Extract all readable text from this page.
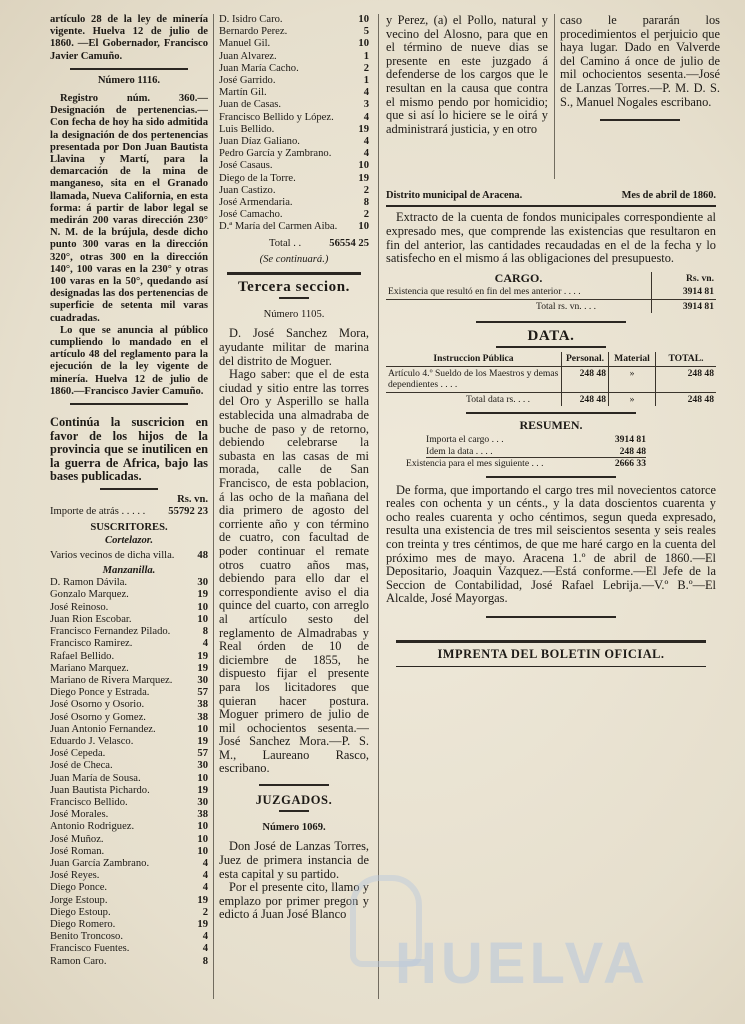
artículo 28 de la ley de minería vigente. Huelva 12 de julio de 1860. —El Gobernador, Francisco Javier Camuño.

Número 1116.

Registro núm. 360.—Designación de pertenencias.—Con fecha de hoy ha sido admitida la designación de dos pertenencias presentada por Don Juan Bautista Llavina y Martí, para la demarcación de la mina de manganeso, sita en el Granado llamada, Nueva California, en esta forma: á partir de labor legal se medirán 200 varas dirección 230° N. M. de la brújula, desde dicho punto 300 varas en la dirección 320°, otras 300 en la dirección 140°, 100 varas en la 230° y otras 100 varas en la 50°, quedando así designadas las dos pertenencias de superficie de setenta mil varas cuadradas.

Lo que se anuncia al público cumpliendo lo mandado en el artículo 48 del reglamento para la ejecución de la ley vigente de minería. Huelva 12 de julio de 1860.—Francisco Javier Camuño.

Continúa la suscricion en favor de los hijos de la provincia que se inutilicen en la guerra de Africa, bajo las bases publicadas.

Rs. vn.
Importe de atrás . . . . . 55792 23

SUSCRITORES.

Cortelazor.

Varios vecinos de dicha villa. 48

Manzanilla.

D. Ramon Dávila.	30
Gonzalo Marquez.	19
José Reinoso.	10
Juan Rion Escobar.	10
Francisco Fernandez Pilado.	8
Francisco Ramirez.	4
Rafael Bellido.	19
Mariano Marquez.	19
Mariano de Rivera Marquez. 30
Diego Ponce y Estrada.	57
José Osorno y Osorio.	38
José Osorno y Gomez.	38
Juan Antonio Fernandez.	10
Eduardo J. Velasco.	19
José Cepeda.	57
José de Checa.	30
Juan María de Sousa.	10
Juan Bautista Pichardo.	19
Francisco Bellido.	30
José Morales.	38
Antonio Rodriguez.	10
José Muñoz.	10
José Roman.	10
Juan García Zambrano.	4
José Reyes.	4
Diego Ponce.	4
Jorge Estoup.	19
Diego Estoup.	2
Diego Romero.	19
Benito Troncoso.	4
Francisco Fuentes.	4
Ramon Caro.	8
D. Isidro Caro.	10
Bernardo Perez.	5
Manuel Gil.	10
Juan Alvarez.	1
Juan María Cacho.	2
José Garrido.	1
Martín Gil.	4
Juan de Casas.	3
Francisco Bellido y López.	4
Luis Bellido.	19
Juan Díaz Galiano.	4
Pedro García y Zambrano.	4
José Casaus.	10
Diego de la Torre.	19
Juan Castizo.	2
José Armendaria.	8
José Camacho.	2
D.ª María del Carmen Aiba. 10
Total . .	56554 25

(Se continuará.)

Tercera seccion.

Número 1105.

D. José Sanchez Mora, ayudante militar de marina del distrito de Moguer.

Hago saber: que el de esta ciudad y sitio entre las torres del Oro y Asperillo se halla establecida una almadraba de buche de paso y de retorno, debiendo celebrarse la subasta en las casas de mi morada, calle de San Francisco, de esta poblacion, á las ocho de la mañana del dia primero de agosto del corriente año y con término de cuatro, con facultad de poder continuar el remate otros cuatro años mas, debiendo para ello dar el correspondiente aviso el dia quince del cuarto, con arreglo al artículo sesto del reglamento de Almadrabas y Real órden de 10 de diciembre de 1855, he dispuesto fijar el presente para los licitadores que quieran hacer postura. Moguer primero de julio de mil ochocientos sesenta.—José Sanchez Mora.—P. S. M., Laureano Rasco, escribano.

JUZGADOS.

Número 1069.

Don José de Lanzas Torres, Juez de primera instancia de esta capital y su partido.

Por el presente cito, llamo y emplazo por primer pregon y edicto á Juan José Blanco

y Perez, (a) el Pollo, natural y vecino del Alosno, para que en el término de nueve dias se presente en este juzgado á defenderse de los cargos que le resultan en la causa que contra el mismo pendo por homicidio; que si así lo hiciere se le oirá y administrará justicia, y en otro

caso le pararán los procedimientos el perjuicio que haya lugar. Dado en Valverde del Camino á once de julio de mil ochocientos sesenta.—José de Lanzas Torres.—P. M. D. S. S., Manuel Nogales escribano.

Distrito municipal de Aracena.	Mes de abril de 1860.

Extracto de la cuenta de fondos municipales correspondiente al expresado mes, que comprende las existencias que resultaron en fin del anterior, las cantidades recaudadas en el de la fecha y lo satisfecho en el mismo á las obligaciones del presupuesto.

CARGO.	Rs. vn.
Existencia que resultó en fin del mes anterior . . . .	3914 81
Total rs. vn. . . .	3914 81

DATA.

Instruccion Pública	Personal.	Material	TOTAL.
Artículo 4.º Sueldo de los Maestros y demas dependientes . . . .	248 48	»	248 48
Total data rs. . . .	248 48	»	248 48

RESUMEN.

Importa el cargo . . .	3914 81
Idem la data . . . .	248 48
Existencia para el mes siguiente . . .	2666 33

De forma, que importando el cargo tres mil novecientos catorce reales con ochenta y un cénts., y la data doscientos cuarenta y ocho reales cuarenta y ocho céntimos, segun queda expresado, resulta una existencia de tres mil seiscientos sesenta y seis reales con treinta y tres céntimos, de que me haré cargo en la cuenta del próximo mes de mayo. Aracena 1.º de abril de 1860.—El Depositario, Joaquin Vazquez.—Está conforme.—El Jefe de la Seccion de Contabilidad, José Rafael Lebrija.—V.º B.º—El Alcalde, José Mayorgas.

IMPRENTA DEL BOLETIN OFICIAL.

HUELVA
